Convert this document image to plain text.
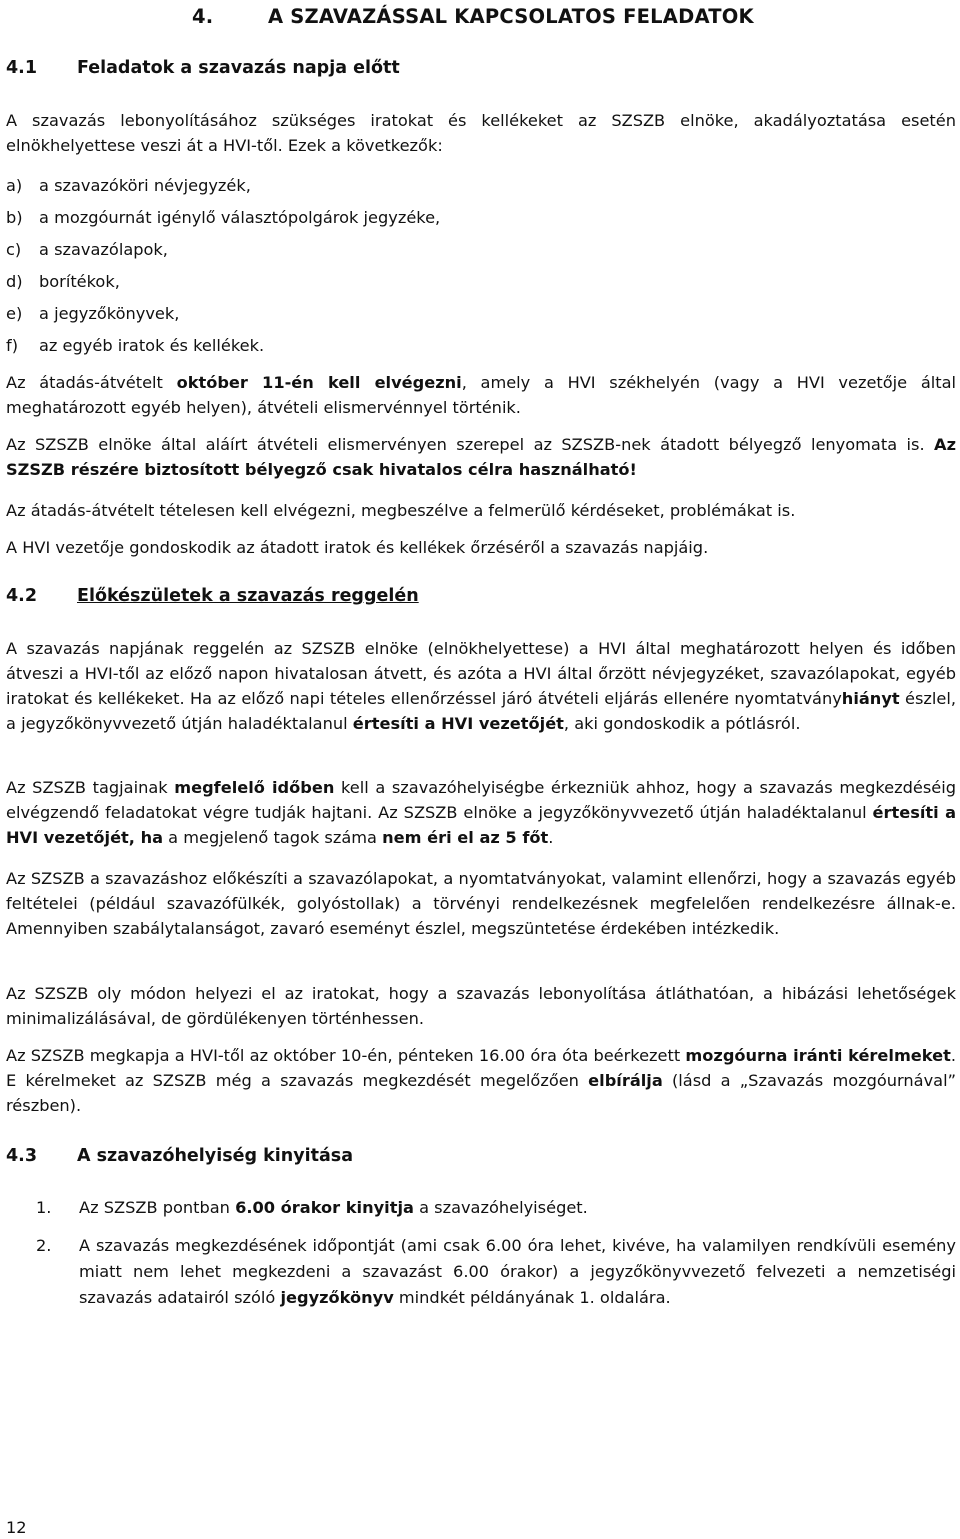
4.	A SZAVAZÁSSAL KAPCSOLATOS FELADATOK
4.1 Feladatok a szavazás napja előtt

A szavazás lebonyolításához szükséges iratokat és kellékeket az SZSZB elnöke, akadályoztatása esetén elnökhelyettese veszi át a HVI-től. Ezek a következők:

a) a szavazóköri névjegyzék,
b) a mozgóurnát igénylő választópolgárok jegyzéke,
c) a szavazólapok,
d) borítékok,
e) a jegyzőkönyvek,
f) az egyéb iratok és kellékek.

Az átadás-átvételt október 11-én kell elvégezni, amely a HVI székhelyén (vagy a HVI vezetője által meghatározott egyéb helyen), átvételi elismervénnyel történik.

Az SZSZB elnöke által aláírt átvételi elismervényen szerepel az SZSZB-nek átadott bélyegző lenyomata is. Az SZSZB részére biztosított bélyegző csak hivatalos célra használható!

Az átadás-átvételt tételesen kell elvégezni, megbeszélve a felmerülő kérdéseket, problémákat is.

A HVI vezetője gondoskodik az átadott iratok és kellékek őrzéséről a szavazás napjáig.

4.2 Előkészületek a szavazás reggelén

A szavazás napjának reggelén az SZSZB elnöke (elnökhelyettese) a HVI által meghatározott helyen és időben átveszi a HVI-től az előző napon hivatalosan átvett, és azóta a HVI által őrzött névjegyzéket, szavazólapokat, egyéb iratokat és kellékeket. Ha az előző napi tételes ellenőrzéssel járó átvételi eljárás ellenére nyomtatványhiányt észlel, a jegyzőkönyvvezető útján haladéktalanul értesíti a HVI vezetőjét, aki gondoskodik a pótlásról.

Az SZSZB tagjainak megfelelő időben kell a szavazóhelyiségbe érkezniük ahhoz, hogy a szavazás megkezdéséig elvégzendő feladatokat végre tudják hajtani. Az SZSZB elnöke a jegyzőkönyvvezető útján haladéktalanul értesíti a HVI vezetőjét, ha a megjelenő tagok száma nem éri el az 5 főt.

Az SZSZB a szavazáshoz előkészíti a szavazólapokat, a nyomtatványokat, valamint ellenőrzi, hogy a szavazás egyéb feltételei (például szavazófülkék, golyóstollak) a törvényi rendelkezésnek megfelelően rendelkezésre állnak-e. Amennyiben szabálytalanságot, zavaró eseményt észlel, megszüntetése érdekében intézkedik.

Az SZSZB oly módon helyezi el az iratokat, hogy a szavazás lebonyolítása átláthatóan, a hibázási lehetőségek minimalizálásával, de gördülékenyen történhessen.

Az SZSZB megkapja a HVI-től az október 10-én, pénteken 16.00 óra óta beérkezett mozgóurna iránti kérelmeket. E kérelmeket az SZSZB még a szavazás megkezdését megelőzően elbírálja (lásd a „Szavazás mozgóurnával” részben).

4.3 A szavazóhelyiség kinyitása
1. Az SZSZB pontban 6.00 órakor kinyitja a szavazóhelyiséget.
2. A szavazás megkezdésének időpontját (ami csak 6.00 óra lehet, kivéve, ha valamilyen rendkívüli esemény miatt nem lehet megkezdeni a szavazást 6.00 órakor) a jegyzőkönyvvezető felvezeti a nemzetiségi szavazás adatairól szóló jegyzőkönyv mindkét példányának 1. oldalára.
12
